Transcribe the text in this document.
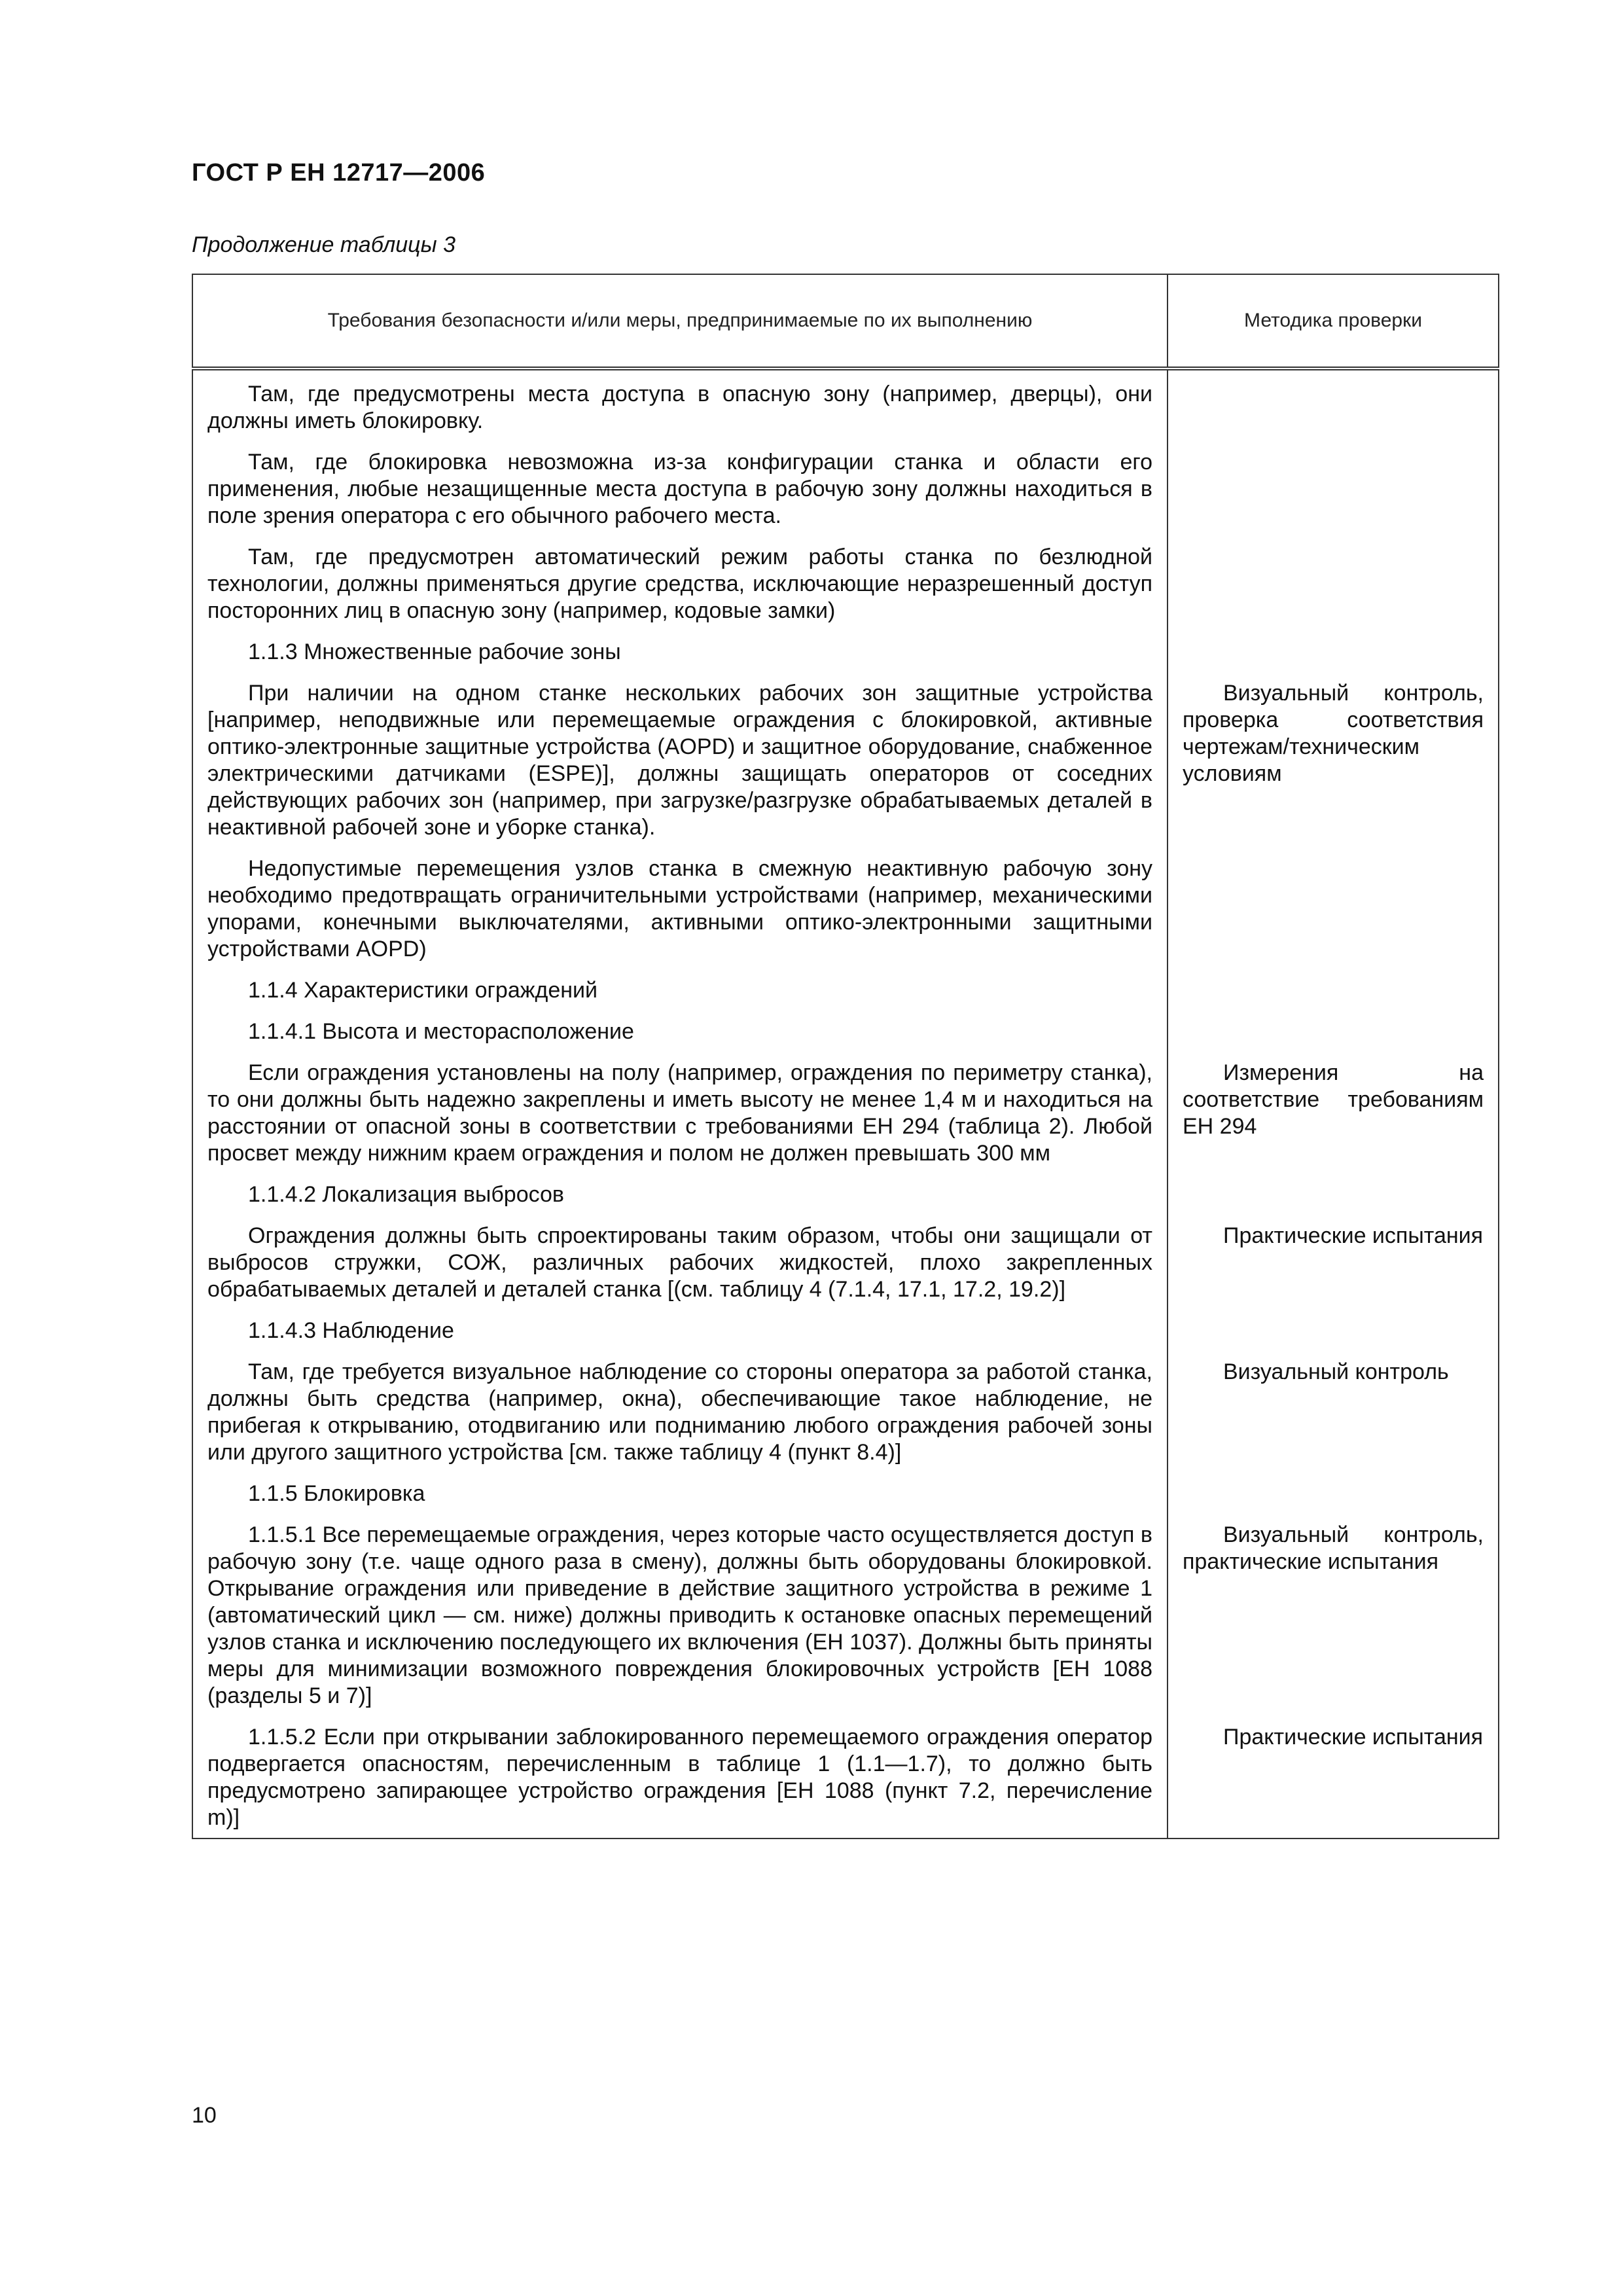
ГОСТ Р ЕН 12717—2006
Продолжение таблицы 3
Требования безопасности и/или меры, предпринимаемые по их выполнению	Методика проверки

Там, где предусмотрены места доступа в опасную зону (например, дверцы), они должны иметь блокировку.	

Там, где блокировка невозможна из-за конфигурации станка и области его применения, любые незащищенные места доступа в рабочую зону должны находиться в поле зрения оператора с его обычного рабочего места.	

Там, где предусмотрен автоматический режим работы станка по безлюдной технологии, должны применяться другие средства, исключающие неразрешенный доступ посторонних лиц в опасную зону (например, кодовые замки)	

1.1.3 Множественные рабочие зоны	

При наличии на одном станке нескольких рабочих зон защитные устройства [например, неподвижные или перемещаемые ограждения с блокировкой, активные оптико-электронные защитные устройства (AOPD) и защитное оборудование, снабженное электрическими датчиками (ESPE)], должны защищать операторов от соседних действующих рабочих зон (например, при загрузке/разгрузке обрабатываемых деталей в неактивной рабочей зоне и уборке станка).	Визуальный контроль, проверка соответствия чертежам/техническим условиям

Недопустимые перемещения узлов станка в смежную неактивную рабочую зону необходимо предотвращать ограничительными устройствами (например, механическими упорами, конечными выключателями, активными оптико-электронными защитными устройствами AOPD)	

1.1.4 Характеристики ограждений	

1.1.4.1 Высота и месторасположение	

Если ограждения установлены на полу (например, ограждения по периметру станка), то они должны быть надежно закреплены и иметь высоту не менее 1,4 м и находиться на расстоянии от опасной зоны в соответствии с требованиями ЕН 294 (таблица 2). Любой просвет между нижним краем ограждения и полом не должен превышать 300 мм	Измерения на соответствие требованиям ЕН 294

1.1.4.2 Локализация выбросов	

Ограждения должны быть спроектированы таким образом, чтобы они защищали от выбросов стружки, СОЖ, различных рабочих жидкостей, плохо закрепленных обрабатываемых деталей и деталей станка [(см. таблицу 4 (7.1.4, 17.1, 17.2, 19.2)]	Практические испытания

1.1.4.3 Наблюдение	

Там, где требуется визуальное наблюдение со стороны оператора за работой станка, должны быть средства (например, окна), обеспечивающие такое наблюдение, не прибегая к открыванию, отодвиганию или подниманию любого ограждения рабочей зоны или другого защитного устройства [см. также таблицу 4 (пункт 8.4)]	Визуальный контроль

1.1.5 Блокировка	

1.1.5.1 Все перемещаемые ограждения, через которые часто осуществляется доступ в рабочую зону (т.е. чаще одного раза в смену), должны быть оборудованы блокировкой. Открывание ограждения или приведение в действие защитного устройства в режиме 1 (автоматический цикл — см. ниже) должны приводить к остановке опасных перемещений узлов станка и исключению последующего их включения (ЕН 1037). Должны быть приняты меры для минимизации возможного повреждения блокировочных устройств [ЕН 1088 (разделы 5 и 7)]	Визуальный контроль, практические испытания

1.1.5.2 Если при открывании заблокированного перемещаемого ограждения оператор подвергается опасностям, перечисленным в таблице 1 (1.1—1.7), то должно быть предусмотрено запирающее устройство ограждения [ЕН 1088 (пункт 7.2, перечисление m)]	Практические испытания

10
